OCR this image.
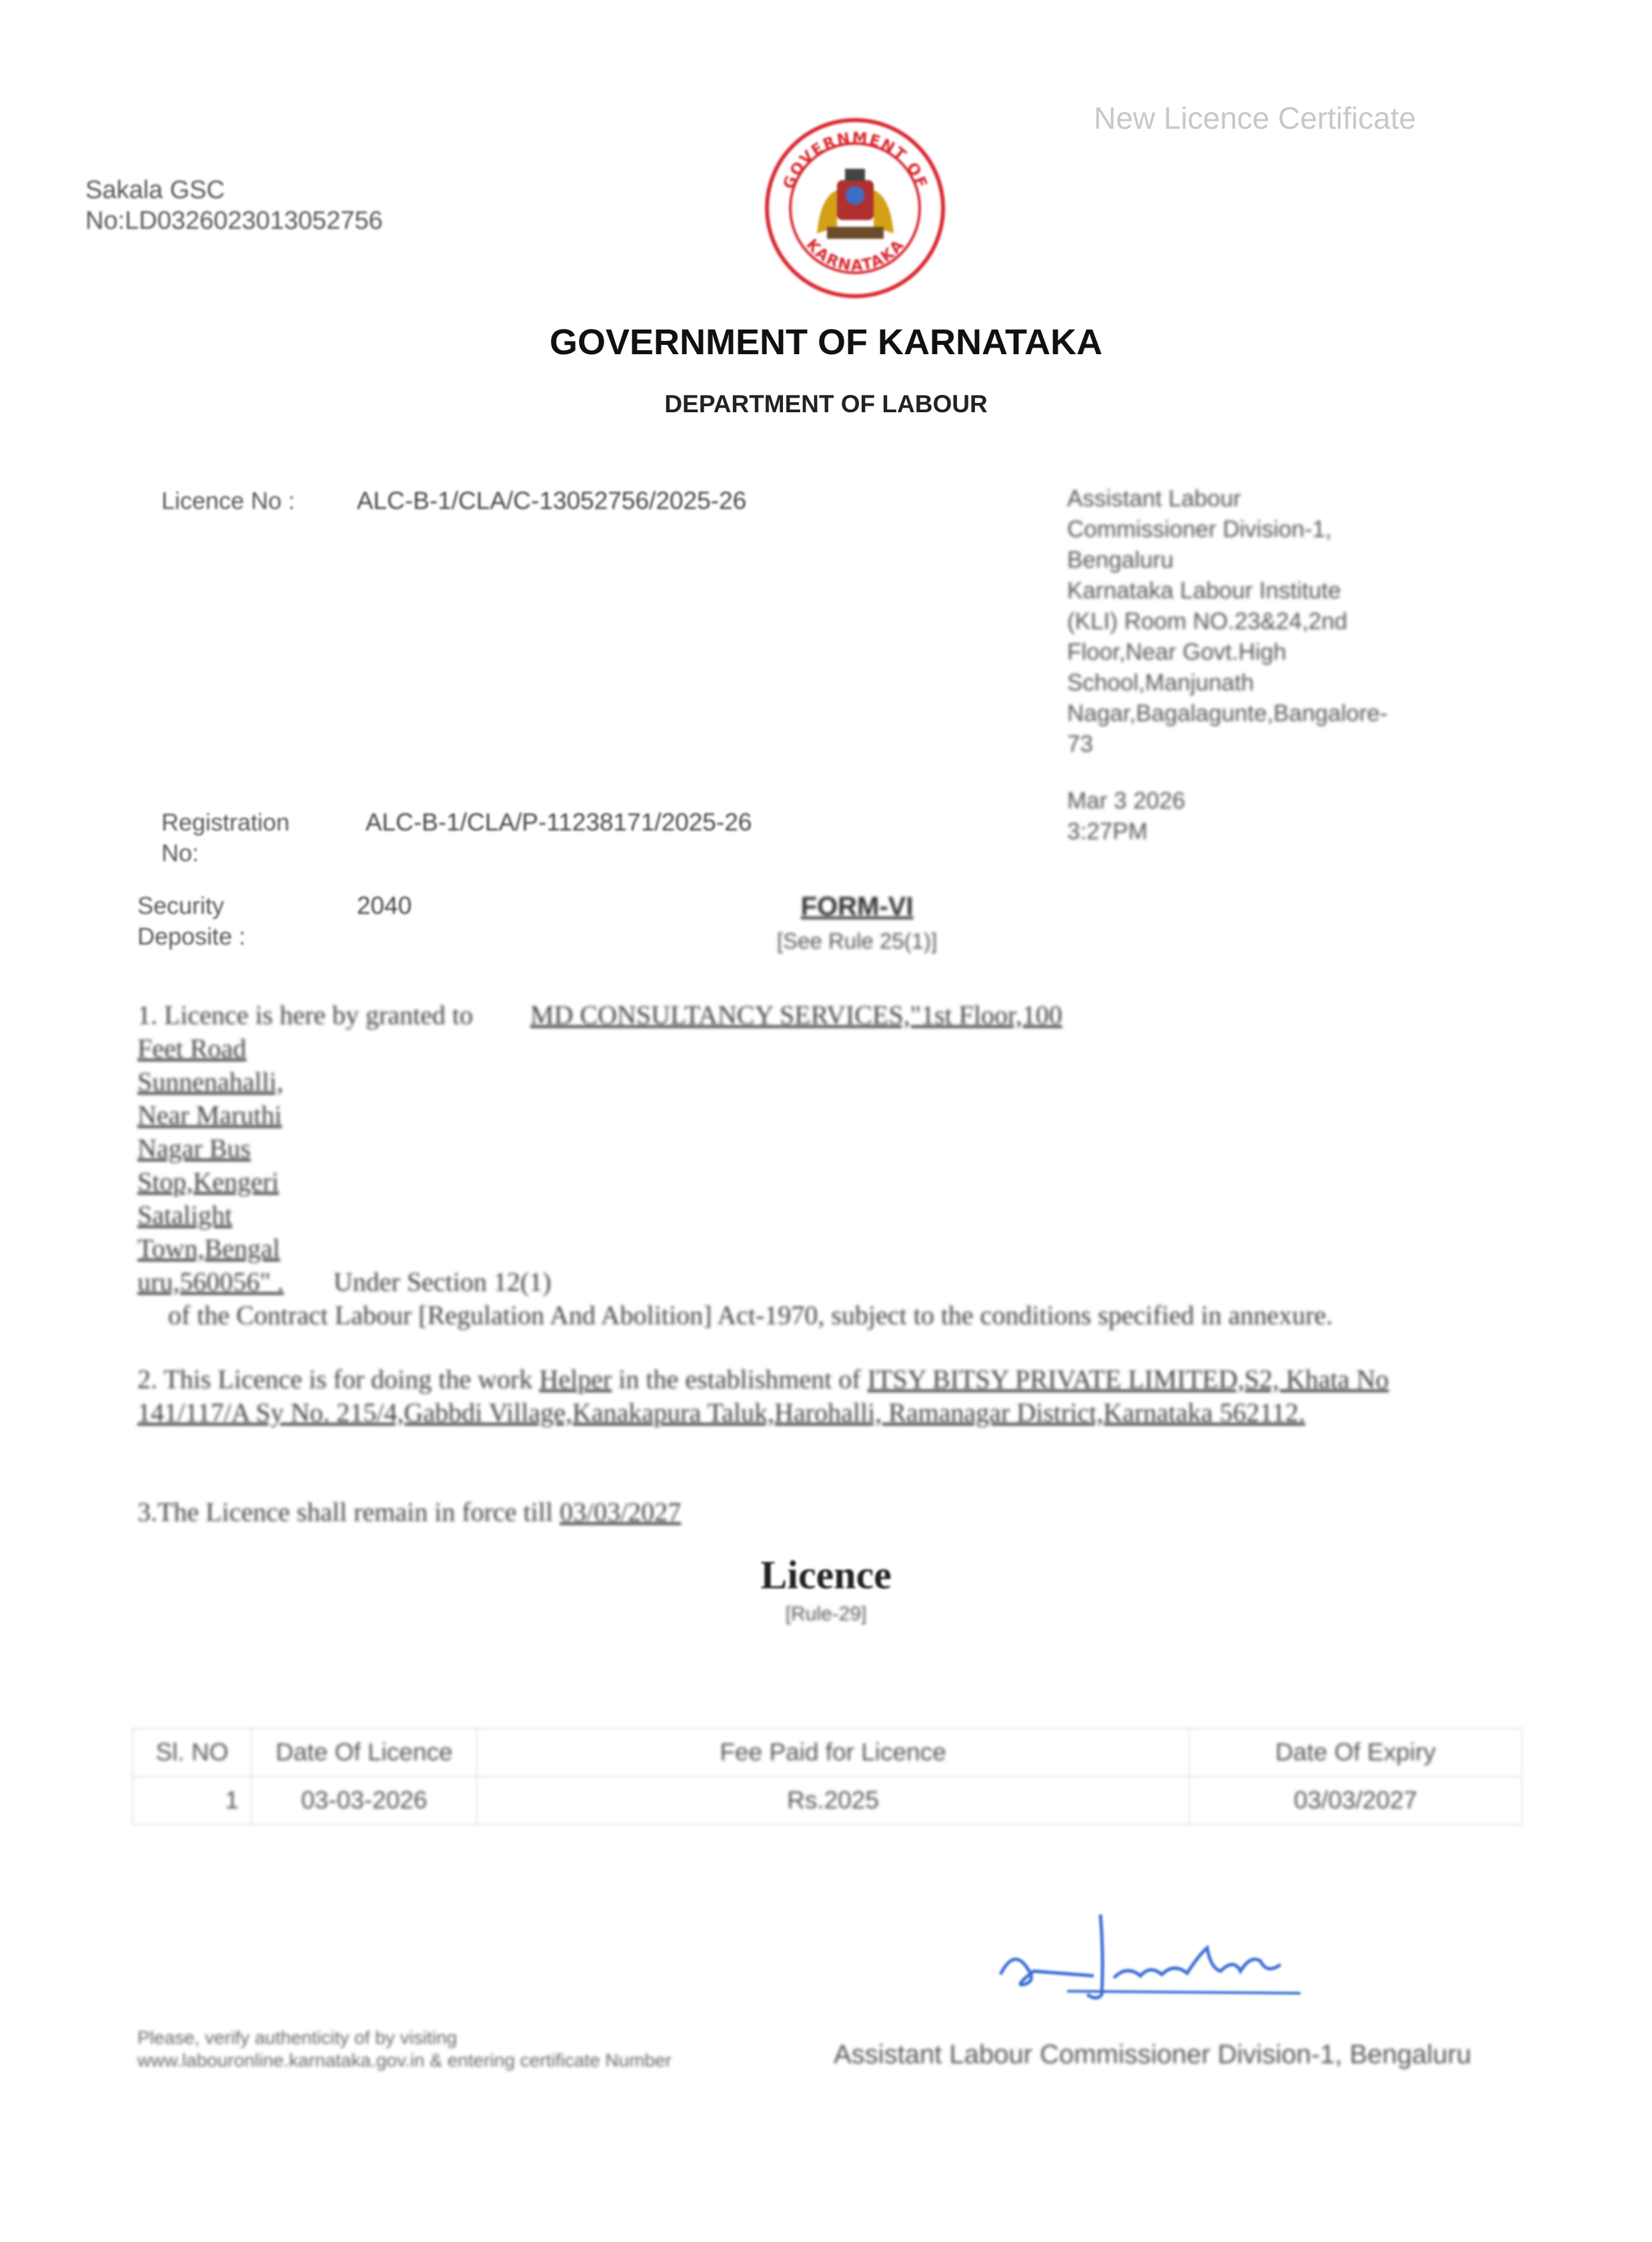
New Licence Certificate
Sakala GSC
No:LD0326023013052756
GOVERNMENT OF
KARNATAKA
GOVERNMENT OF KARNATAKA
DEPARTMENT OF LABOUR
Licence No :	ALC-B-1/CLA/C-13052756/2025-26	Assistant Labour
Commissioner Division-1,
Bengaluru
Karnataka Labour Institute
(KLI) Room NO.23&24,2nd
Floor,Near Govt.High
School,Manjunath
Nagar,Bagalagunte,Bangalore-
73
Mar 3 2026
3:27PM
Registration
No:
ALC-B-1/CLA/P-11238171/2025-26
Security
Deposite :
2040	FORM-VI
[See Rule 25(1)]
1. Licence is here by granted to MD CONSULTANCY SERVICES,"1st Floor,100
Feet Road
Sunnenahalli,
Near Maruthi
Nagar Bus
Stop,Kengeri
Satalight
Town,Bengal
uru,560056" .	Under Section 12(1)
of the Contract Labour [Regulation And Abolition] Act-1970, subject to the conditions specified in annexure.
2. This Licence is for doing the work Helper in the establishment of ITSY BITSY PRIVATE LIMITED,S2, Khata No 141/117/A Sy No. 215/4,Gabbdi Village,Kanakapura Taluk,Harohalli, Ramanagar District,Karnataka 562112.
3.The Licence shall remain in force till 03/03/2027
Licence
[Rule-29]
Sl. NO	Date Of Licence	Fee Paid for Licence	Date Of Expiry
1	03-03-2026	Rs.2025	03/03/2027
Assistant Labour Commissioner Division-1, Bengaluru
Please, verify authenticity of by visiting www.labouronline.karnataka.gov.in & entering certificate Number
